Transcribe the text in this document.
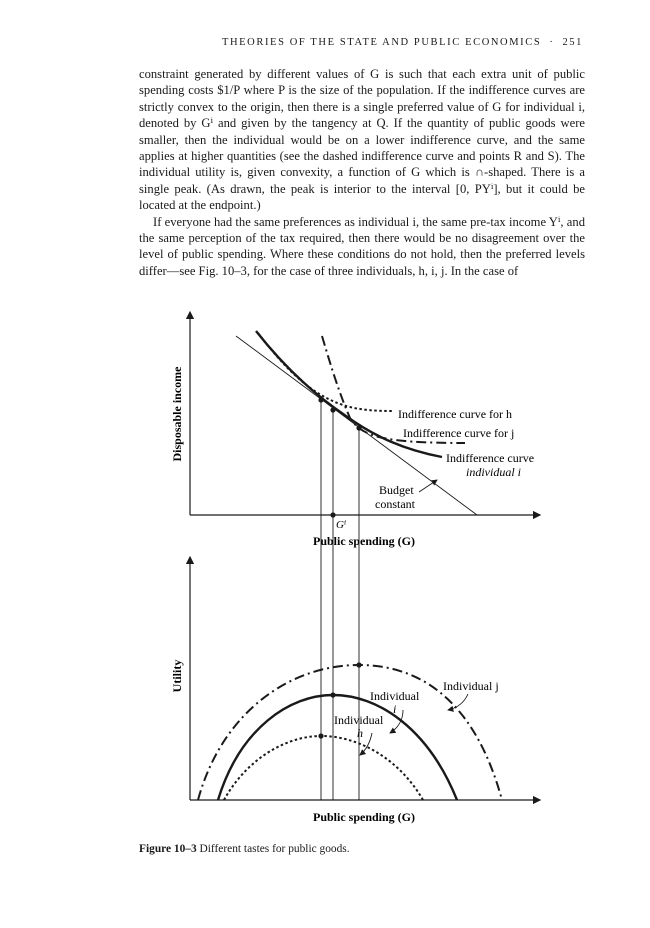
THEORIES OF THE STATE AND PUBLIC ECONOMICS · 251

constraint generated by different values of G is such that each extra unit of public spending costs $1/P where P is the size of the population. If the indifference curves are strictly convex to the origin, then there is a single preferred value of G for individual i, denoted by Gⁱ and given by the tangency at Q. If the quantity of public goods were smaller, then the individual would be on a lower indifference curve, and the same applies at higher quantities (see the dashed indifference curve and points R and S). The individual utility is, given convexity, a function of G which is ∩-shaped. There is a single peak. (As drawn, the peak is interior to the interval [0, PYⁱ], but it could be located at the endpoint.)

If everyone had the same preferences as individual i, the same pre-tax income Yⁱ, and the same perception of the tax required, then there would be no disagreement over the level of public spending. Where these conditions do not hold, then the preferred levels differ—see Fig. 10–3, for the case of three individuals, h, i, j. In the case of

Disposable income	Indifference curve for h
Indifference curve for j
Indifference curve
individual i
Budget
constant
Gⁱ
Public spending (G)
Utility
Individual
i
Individual
h
Individual j
Public spending (G)
Figure 10–3 Different tastes for public goods.
